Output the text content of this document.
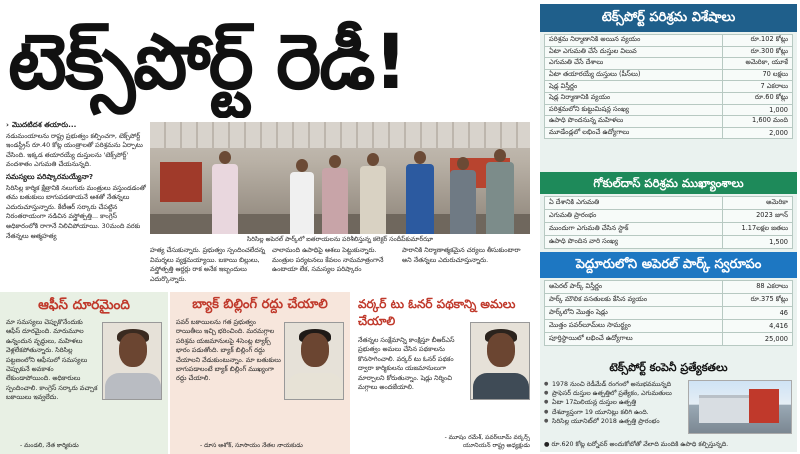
టెక్స్‌పోర్ట్ రెడీ!
› మొదటిదశ తయారు...
నడుమంయాలను రాష్ట్ర ప్రభుత్వం కల్పించగా, టెక్స్‌పోర్ట్ ఇండస్ట్రీస్ రూ.40 కోట్ల యంత్రాలతో పరిశ్రమను ఏర్పాటు చేసింది. ఇక్కడ తయారయ్యే దుస్తులను 'టెక్స్‌పోర్ట్' వందశాతం ఎగుమతి చేయనున్నది.
సమస్యలు పరిష్కారమయ్యేనా?
సిరిసిల్ల కార్మిక క్షేత్రానికి నలుగురు మంత్రులు వస్తుండడంతో తమ బతుకులు బాగుపడతాయనే ఆశతో నేతన్నలు ఎదురుచూస్తున్నారు. కేటీఆర్ సర్కారు చేపట్టిన నిరంతరాయంగా నడిచిన వస్త్రోత్పత్తి... కాంగ్రెస్ అధికారంలోకి రాగానే నిలిచిపోయాయి. 30మంది వరకు నేతన్నలు ఆత్మహత్య	సిరిసిల్ల అపెరల్ పార్క్‌లో ఐతరాయలను పరిశీలిస్తున్న కలెక్టర్ సందీప్‌కుమార్‌ఝా
హత్య చేసుకున్నారు. ప్రభుత్వం స్పందించలేదన్న విమర్శలు వ్యక్తమయ్యాయి. బకాయి బిల్లులు, వస్త్రోత్పత్తి ఆర్డర్లు రాక అనేక ఇబ్బందులు ఎదుర్కొన్నారు.
చాలామంది ఉపాధిపై ఆశలు పెట్టుకున్నారు. మంత్రుల పర్యటనలు కేవలం నామమాత్రంగానే ఉంటాయా లేక, సమస్యల పరిష్కారం
పారానికి నిర్మాణాత్మకమైన చర్యలు తీసుకుంటారా అని నేతన్నలు ఎదురుచూస్తున్నారు.
ఆఫీస్ దూరమైంది
మా సమస్యలు చెప్పుకొనేందుకు ఆఫీస్ దూరమైంది. మారుమూల ఉన్నందున వృద్ధులు, మహిళలు వెళ్లలేకపోతున్నారు. సిరిసిల్ల పట్టణంలోని ఆఫీసులో సమస్యలు చెప్పుకునే అవకాశం లేకుండాపోయింది. అధికారులు స్పందించాలి. కాంగ్రెస్ సర్కారు వచ్చాక బకాయిలు ఇవ్వలేదు.
- మండలి, నేత కార్మికుడు
బ్యాక్ బిల్లింగ్ రద్దు చేయాలి
పవర్ బకాయిలను గత ప్రభుత్వం రాయితీలు ఇచ్చి భరించింది. మరమగ్గాల పరిశ్రమ యజమానులపై 4సెంట్ల ట్యాక్స్ భారం పడుతోంది. బ్యాక్ బిల్లింగ్ రద్దు చేయాలని వేడుకుంటున్నాం. మా బతుకులు బాగుపడాలంటే బ్యాక్ బిల్లింగ్ ముఖ్యంగా రద్దు చేయాలి.
- దూస ఆశోక్, సూసాయం నేతల నాయకుడు
వర్కర్ టు ఓనర్ పథకాన్ని అమలు చేయాలి
నేతన్నల సంక్షేమాన్ని కాంక్షిస్తూ బీఆర్ఎస్ ప్రభుత్వం అమలు చేసిన పథకాలను కొనసాగించాలి. వర్కర్ టు ఓనర్ పథకం ద్వారా కార్మికులను యజమానులుగా మార్చాలని కోరుతున్నాం. షెడ్లు నిర్మించి మగ్గాలు అందజేయాలి.
- మూషం రమేశ్, పవర్‌లూమ్ వర్కర్స్ యూనియన్ రాష్ట్ర అధ్యక్షుడు
టెక్స్‌పోర్ట్ పరిశ్రమ విశేషాలు
పరిశ్రమ నిర్మాణానికి అయిన వ్యయం	రూ.102 కోట్లు
ఏటా ఎగుమతి చేసే దుస్తుల విలువ	రూ.300 కోట్లు
ఎగుమతి చేసే దేశాలు	అమెరికా, యూకే
ఏటా తయారయ్యే దుస్తులు (పీస్‌లు)	70 లక్షలు
షెడ్ల విస్తీర్ణం	7 ఎకరాలు
షెడ్ల నిర్మాణానికి వ్యయం	రూ.60 కోట్లు
పరిశ్రమలోని కుట్టుమిషన్ల సంఖ్య	1,000
ఉపాధి పొందనున్న మహిళలు	1,600 మంది
మూడేండ్లలో లభించే ఉద్యోగాలు	2,000
గోకుల్‌దాస్ పరిశ్రమ ముఖ్యాంశాలు
ఏ దేశానికి ఎగుమతి	అమెరికా
ఎగుమతి ప్రారంభం	2023 జూన్
ముందుగా ఎగుమతి చేసిన స్టాక్	1.17లక్షల జతలు
ఉపాధి పొందిన వారి సంఖ్య	1,500
పెద్దూరులోని అపెరల్ పార్క్ స్వరూపం
అపెరల్ పార్క్ విస్తీర్ణం	88 ఎకరాలు
పార్క్ మౌలిక వసతులకు కేసిన వ్యయం	రూ.375 కోట్లు
పార్క్‌లోని మొత్తం షెడ్లు	46
మొత్తం పవర్‌లూమ్‌లు సామర్థ్యం	4,416
పూర్తిస్థాయిలో లభించే ఉద్యోగాలు	25,000
టెక్స్‌పోర్ట్ కంపెనీ ప్రత్యేకతలు
● 1978 నుంచి రెడీమేడ్ రంగంలో అనుభవమున్నది
● ప్రాఫెసర్ దుస్తుల ఉత్పత్తిలో ప్రత్యేకం, ఎగుమతులు
● ఏటా 17మిలియన్ల దుస్తుల ఉత్పత్తి
● దేశవ్యాప్తంగా 19 యూనిట్లు కలిగి ఉంది.
● సిరిసిల్ల యూనిట్‌లో 2018 ఉత్పత్తి ప్రారంభం
● రూ.620 కోట్ల టర్నోవర్ అందుకోబోతో వేలాది మందికి ఉపాధి కల్పిస్తున్నది.
